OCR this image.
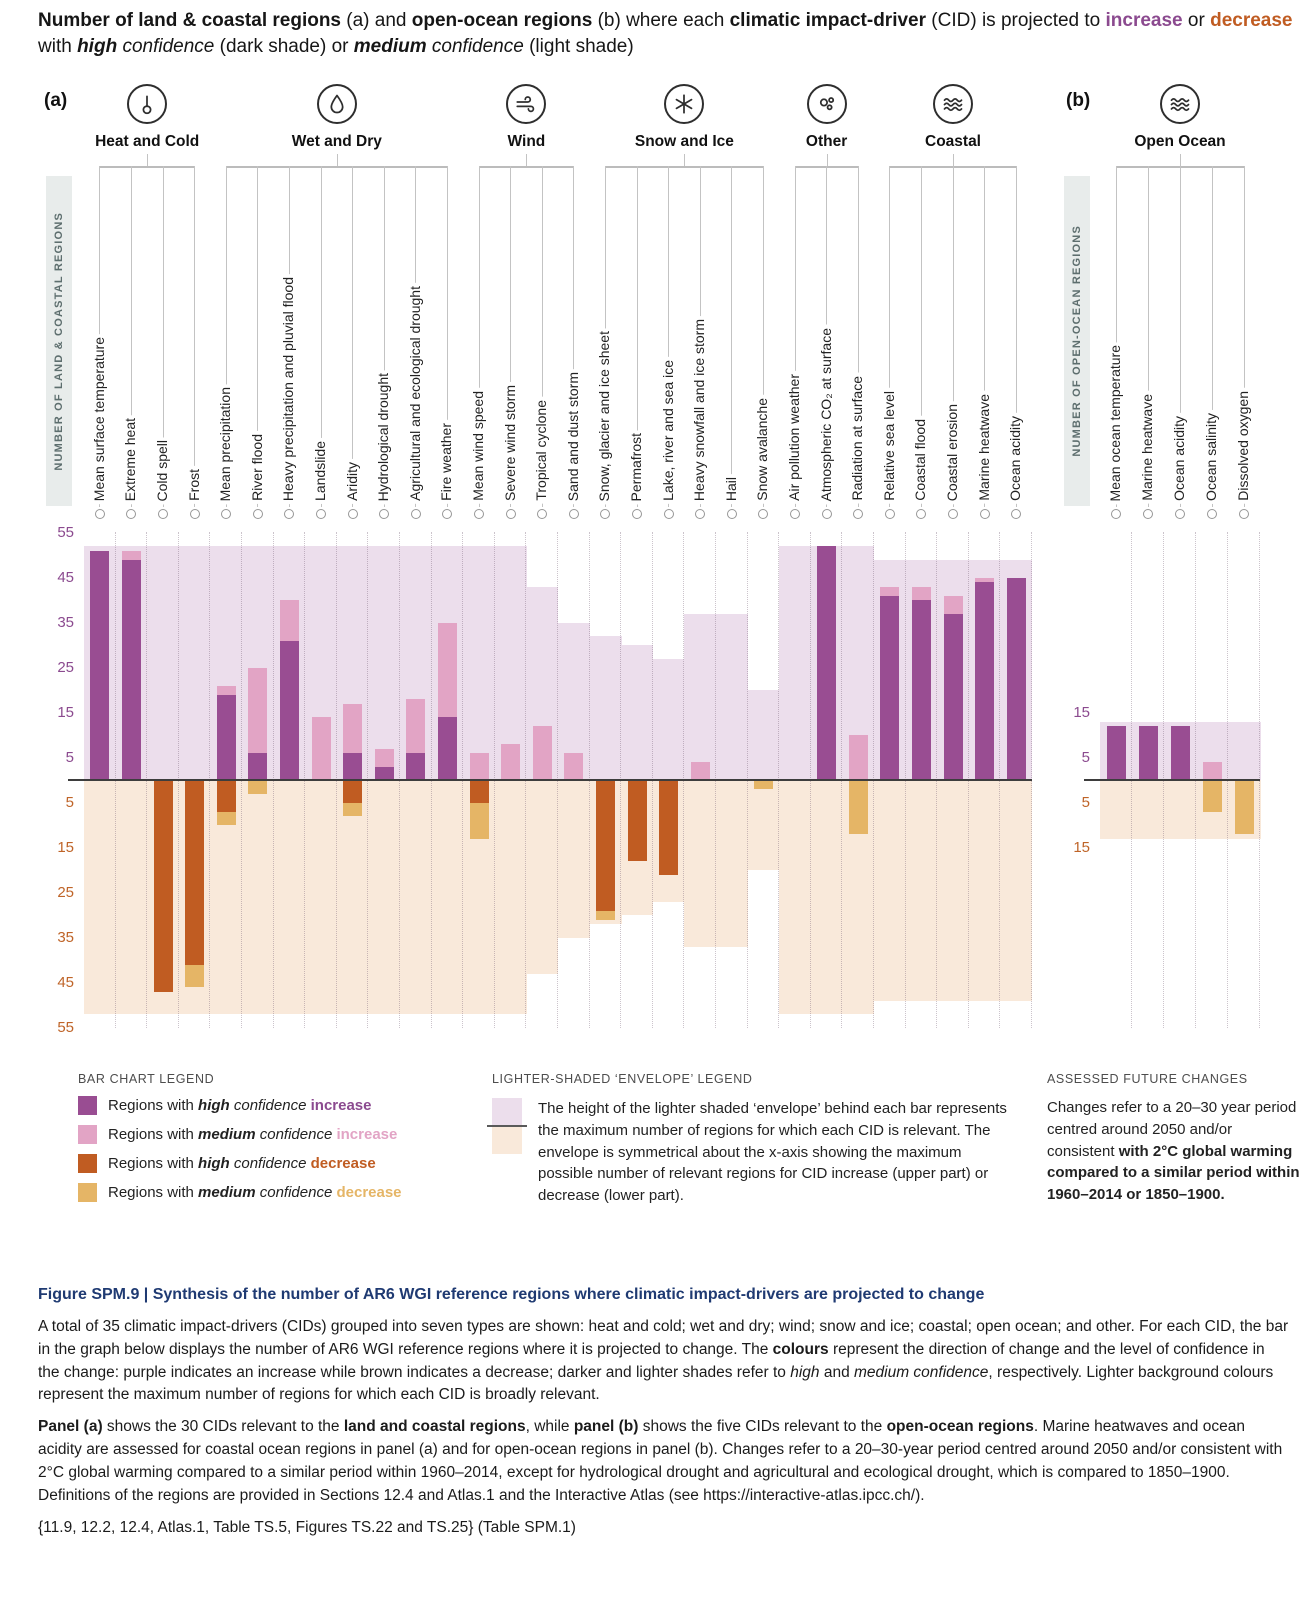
Number of land & coastal regions (a) and open-ocean regions (b) where each climatic impact-driver (CID) is projected to increase or decrease with high confidence (dark shade) or medium confidence (light shade)
(a)
NUMBER OF LAND & COASTAL REGIONS
55
45
35
25
15
5
5
15
25
35
45
55
Heat and Cold
Mean surface temperature Extreme heat Cold spell Frost
Wet and Dry
Mean precipitation River flood Heavy precipitation and pluvial flood Landslide Aridity Hydrological drought Agricultural and ecological drought Fire weather
Wind
Mean wind speed Severe wind storm Tropical cyclone Sand and dust storm
Snow and Ice
Snow, glacier and ice sheet Permafrost Lake, river and sea ice Heavy snowfall and ice storm Hail Snow avalanche
Other
Air pollution weather Atmospheric CO₂ at surface Radiation at surface
Coastal
Relative sea level Coastal flood Coastal erosion Marine heatwave Ocean acidity
(b)
NUMBER OF OPEN-OCEAN REGIONS
15
5
5
15
Open Ocean
Mean ocean temperature Marine heatwave Ocean acidity Ocean salinity Dissolved oxygen
BAR CHART LEGEND
Regions with high confidence increase
Regions with medium confidence increase
Regions with high confidence decrease
Regions with medium confidence decrease
LIGHTER-SHADED ‘ENVELOPE’ LEGEND
The height of the lighter shaded ‘envelope’ behind each bar represents the maximum number of regions for which each CID is relevant. The envelope is symmetrical about the x-axis showing the maximum possible number of relevant regions for CID increase (upper part) or decrease (lower part).
ASSESSED FUTURE CHANGES
Changes refer to a 20–30 year period centred around 2050 and/or consistent with 2°C global warming compared to a similar period within 1960–2014 or 1850–1900.
Figure SPM.9 | Synthesis of the number of AR6 WGI reference regions where climatic impact-drivers are projected to change

A total of 35 climatic impact-drivers (CIDs) grouped into seven types are shown: heat and cold; wet and dry; wind; snow and ice; coastal; open ocean; and other. For each CID, the bar in the graph below displays the number of AR6 WGI reference regions where it is projected to change. The colours represent the direction of change and the level of confidence in the change: purple indicates an increase while brown indicates a decrease; darker and lighter shades refer to high and medium confidence, respectively. Lighter background colours represent the maximum number of regions for which each CID is broadly relevant.

Panel (a) shows the 30 CIDs relevant to the land and coastal regions, while panel (b) shows the five CIDs relevant to the open-ocean regions. Marine heatwaves and ocean acidity are assessed for coastal ocean regions in panel (a) and for open-ocean regions in panel (b). Changes refer to a 20–30-year period centred around 2050 and/or consistent with 2°C global warming compared to a similar period within 1960–2014, except for hydrological drought and agricultural and ecological drought, which is compared to 1850–1900. Definitions of the regions are provided in Sections 12.4 and Atlas.1 and the Interactive Atlas (see https://interactive-atlas.ipcc.ch/).

{11.9, 12.2, 12.4, Atlas.1, Table TS.5, Figures TS.22 and TS.25} (Table SPM.1)
